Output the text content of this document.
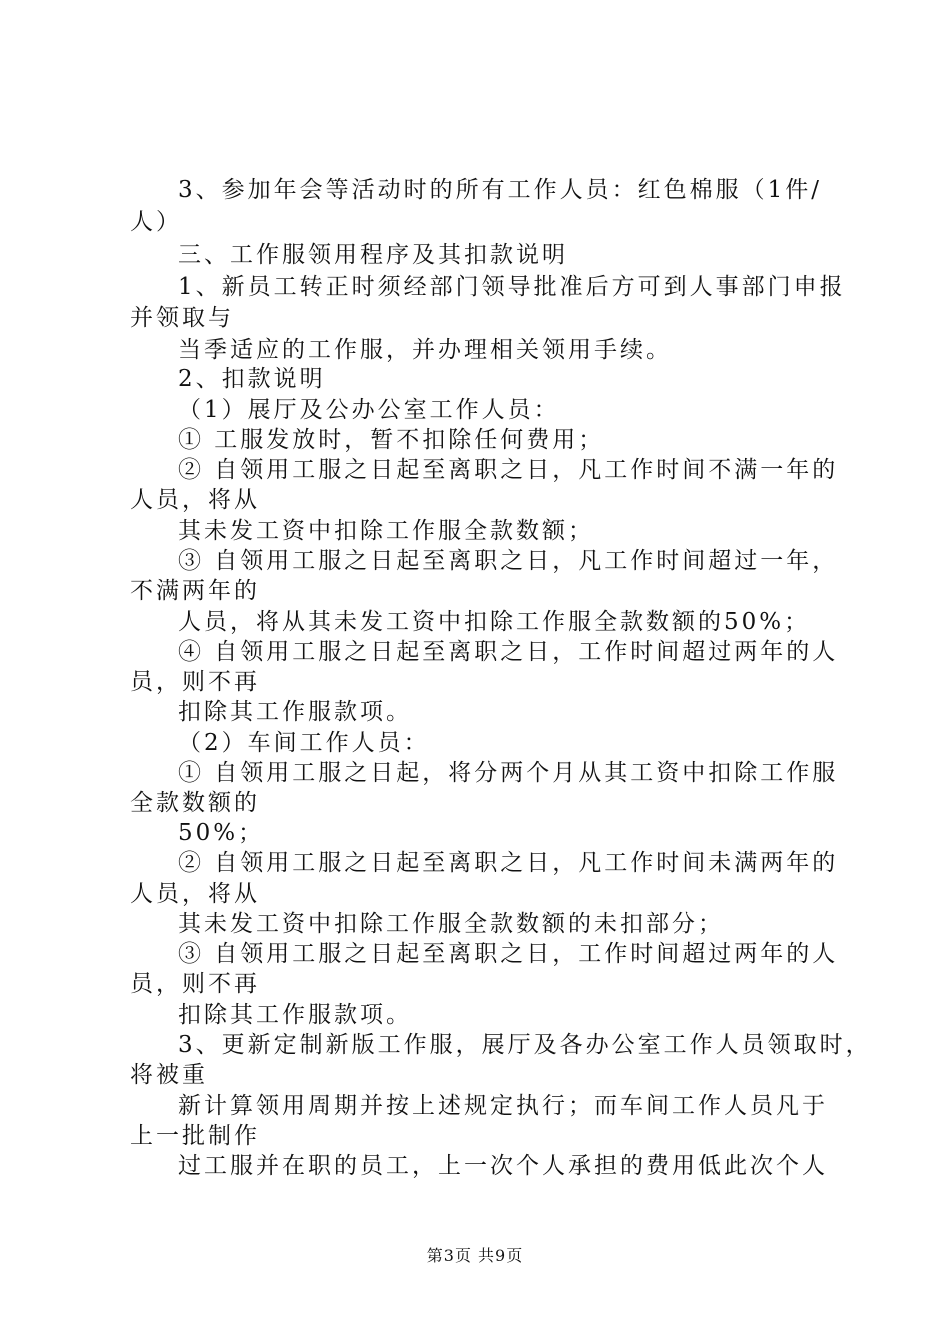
3、参加年会等活动时的所有工作人员：红色棉服（1件/
人）
三、工作服领用程序及其扣款说明
1、新员工转正时须经部门领导批准后方可到人事部门申报
并领取与
当季适应的工作服，并办理相关领用手续。
2、扣款说明
（1）展厅及公办公室工作人员：
① 工服发放时，暂不扣除任何费用；
② 自领用工服之日起至离职之日，凡工作时间不满一年的
人员，将从
其未发工资中扣除工作服全款数额；
③ 自领用工服之日起至离职之日，凡工作时间超过一年，
不满两年的
人员，将从其未发工资中扣除工作服全款数额的50%；
④ 自领用工服之日起至离职之日，工作时间超过两年的人
员，则不再
扣除其工作服款项。
（2）车间工作人员：
① 自领用工服之日起，将分两个月从其工资中扣除工作服
全款数额的
50%；
② 自领用工服之日起至离职之日，凡工作时间未满两年的
人员，将从
其未发工资中扣除工作服全款数额的未扣部分；
③ 自领用工服之日起至离职之日，工作时间超过两年的人
员，则不再
扣除其工作服款项。
3、更新定制新版工作服，展厅及各办公室工作人员领取时，
将被重
新计算领用周期并按上述规定执行；而车间工作人员凡于
上一批制作
过工服并在职的员工，上一次个人承担的费用低此次个人
第3页 共9页
